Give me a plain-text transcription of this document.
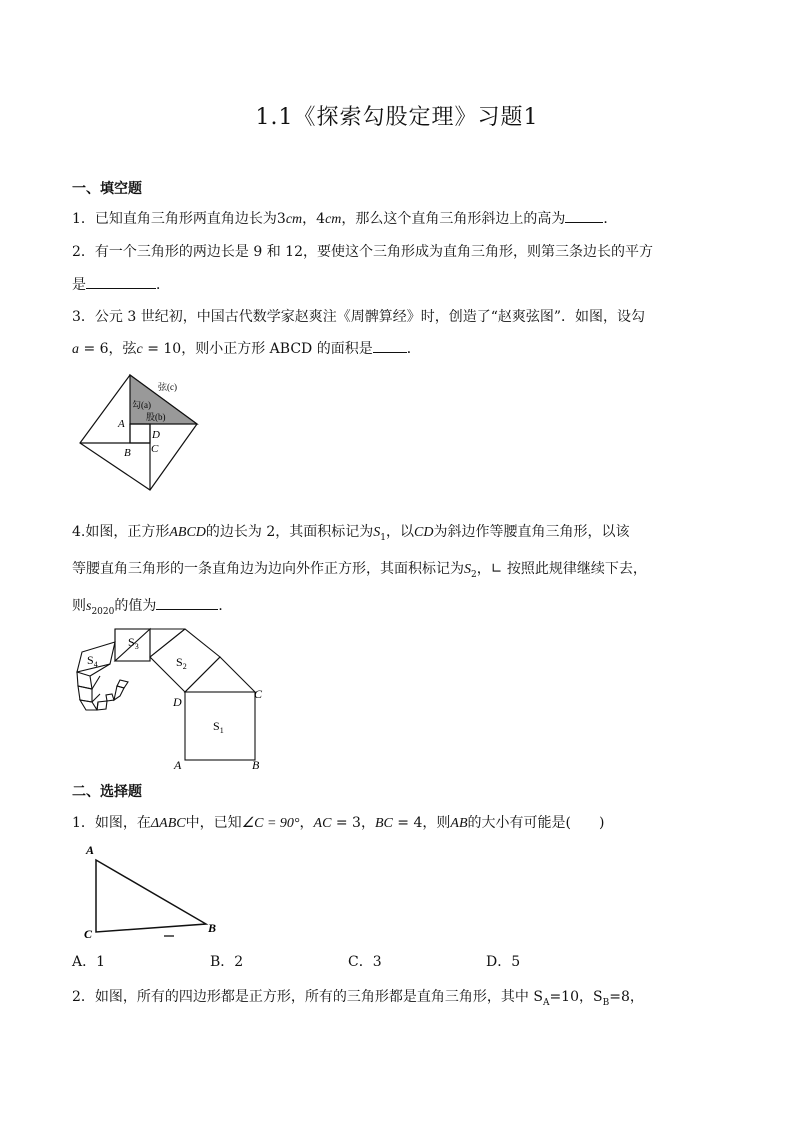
1.1《探索勾股定理》习题1
一、填空题
1．已知直角三角形两直角边长为3cm，4cm，那么这个直角三角形斜边上的高为	．
2．有一个三角形的两边长是 9 和 12，要使这个三角形成为直角三角形，则第三条边长的平方
是	．
3．公元 3 世纪初，中国古代数学家赵爽注《周髀算经》时，创造了“赵爽弦图”．如图，设勾
a = 6，弦c = 10，则小正方形 ABCD 的面积是 ．
弦(c)
勾(a)
股(b)
A
B C
D
4.如图，正方形ABCD的边长为 2，其面积标记为$S_1$，以CD为斜边作等腰直角三角形，以该
等腰直角三角形的一条直角边为边向外作正方形，其面积标记为$S_2$，∟ 按照此规律继续下去，
则$s_{2020}$的值为	．
$S_1$
$S_2$
$S_3$
$S_4$
D
C
A	B
二、选择题
1．如图，在ΔABC中，已知∠C = 90°，AC = 3，BC = 4，则AB的大小有可能是(　　)
A
B
C
A．1	B．2	C．3	D．5
2．如图，所有的四边形都是正方形，所有的三角形都是直角三角形，其中 $S_A=10$，$S_B=8$，
